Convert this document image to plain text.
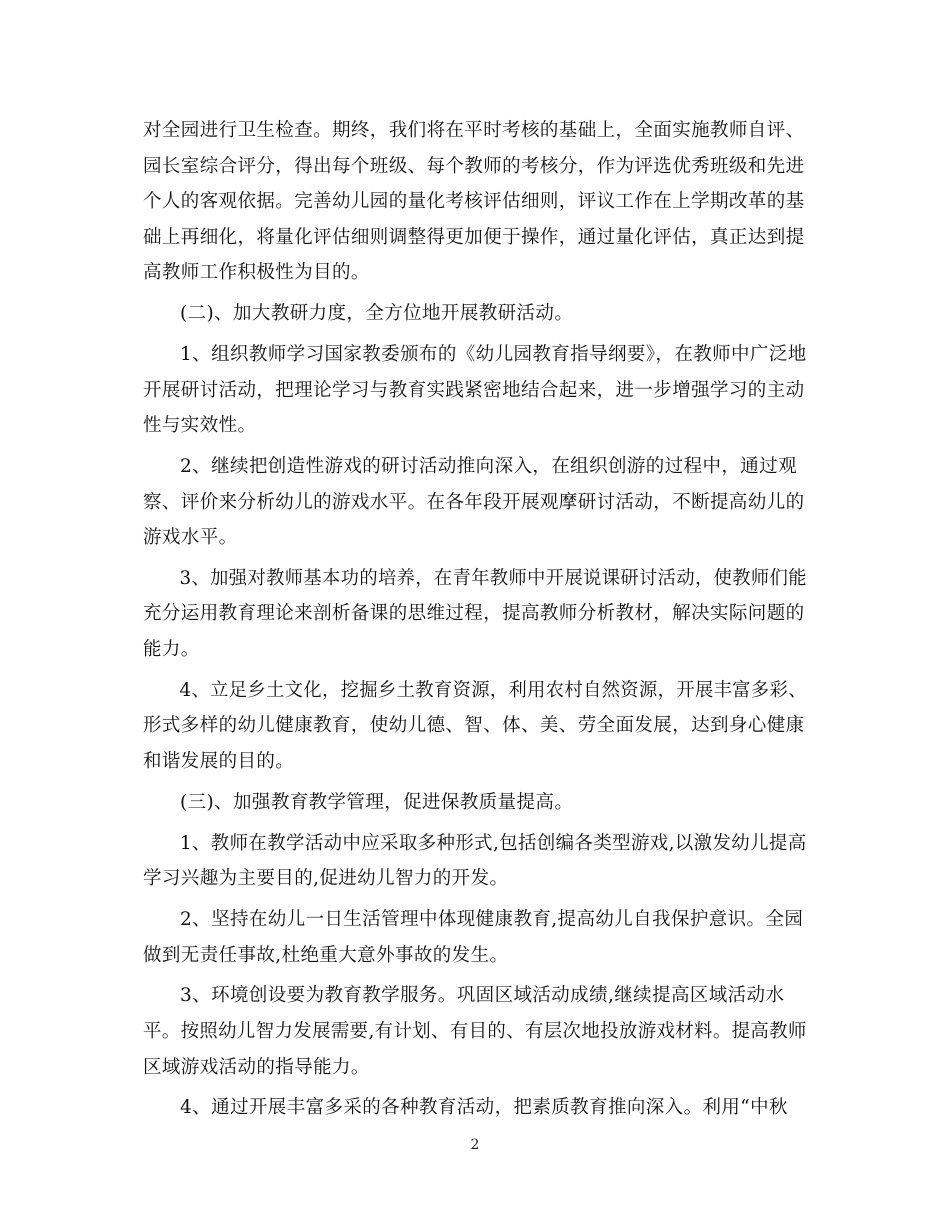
对全园进行卫生检查。期终，我们将在平时考核的基础上，全面实施教师自评、
园长室综合评分，得出每个班级、每个教师的考核分，作为评选优秀班级和先进
个人的客观依据。完善幼儿园的量化考核评估细则，评议工作在上学期改革的基
础上再细化，将量化评估细则调整得更加便于操作，通过量化评估，真正达到提
高教师工作积极性为目的。

(二)、加大教研力度，全方位地开展教研活动。

1、组织教师学习国家教委颁布的《幼儿园教育指导纲要》，在教师中广泛地
开展研讨活动，把理论学习与教育实践紧密地结合起来，进一步增强学习的主动
性与实效性。

2、继续把创造性游戏的研讨活动推向深入，在组织创游的过程中，通过观
察、评价来分析幼儿的游戏水平。在各年段开展观摩研讨活动，不断提高幼儿的
游戏水平。

3、加强对教师基本功的培养，在青年教师中开展说课研讨活动，使教师们能
充分运用教育理论来剖析备课的思维过程，提高教师分析教材，解决实际问题的
能力。

4、立足乡土文化，挖掘乡土教育资源，利用农村自然资源，开展丰富多彩、
形式多样的幼儿健康教育，使幼儿德、智、体、美、劳全面发展，达到身心健康
和谐发展的目的。

(三)、加强教育教学管理，促进保教质量提高。

1、教师在教学活动中应采取多种形式,包括创编各类型游戏,以激发幼儿提高
学习兴趣为主要目的,促进幼儿智力的开发。

2、坚持在幼儿一日生活管理中体现健康教育,提高幼儿自我保护意识。全园
做到无责任事故,杜绝重大意外事故的发生。

3、环境创设要为教育教学服务。巩固区域活动成绩,继续提高区域活动水
平。按照幼儿智力发展需要,有计划、有目的、有层次地投放游戏材料。提高教师
区域游戏活动的指导能力。

4、通过开展丰富多采的各种教育活动，把素质教育推向深入。利用“中秋

2
